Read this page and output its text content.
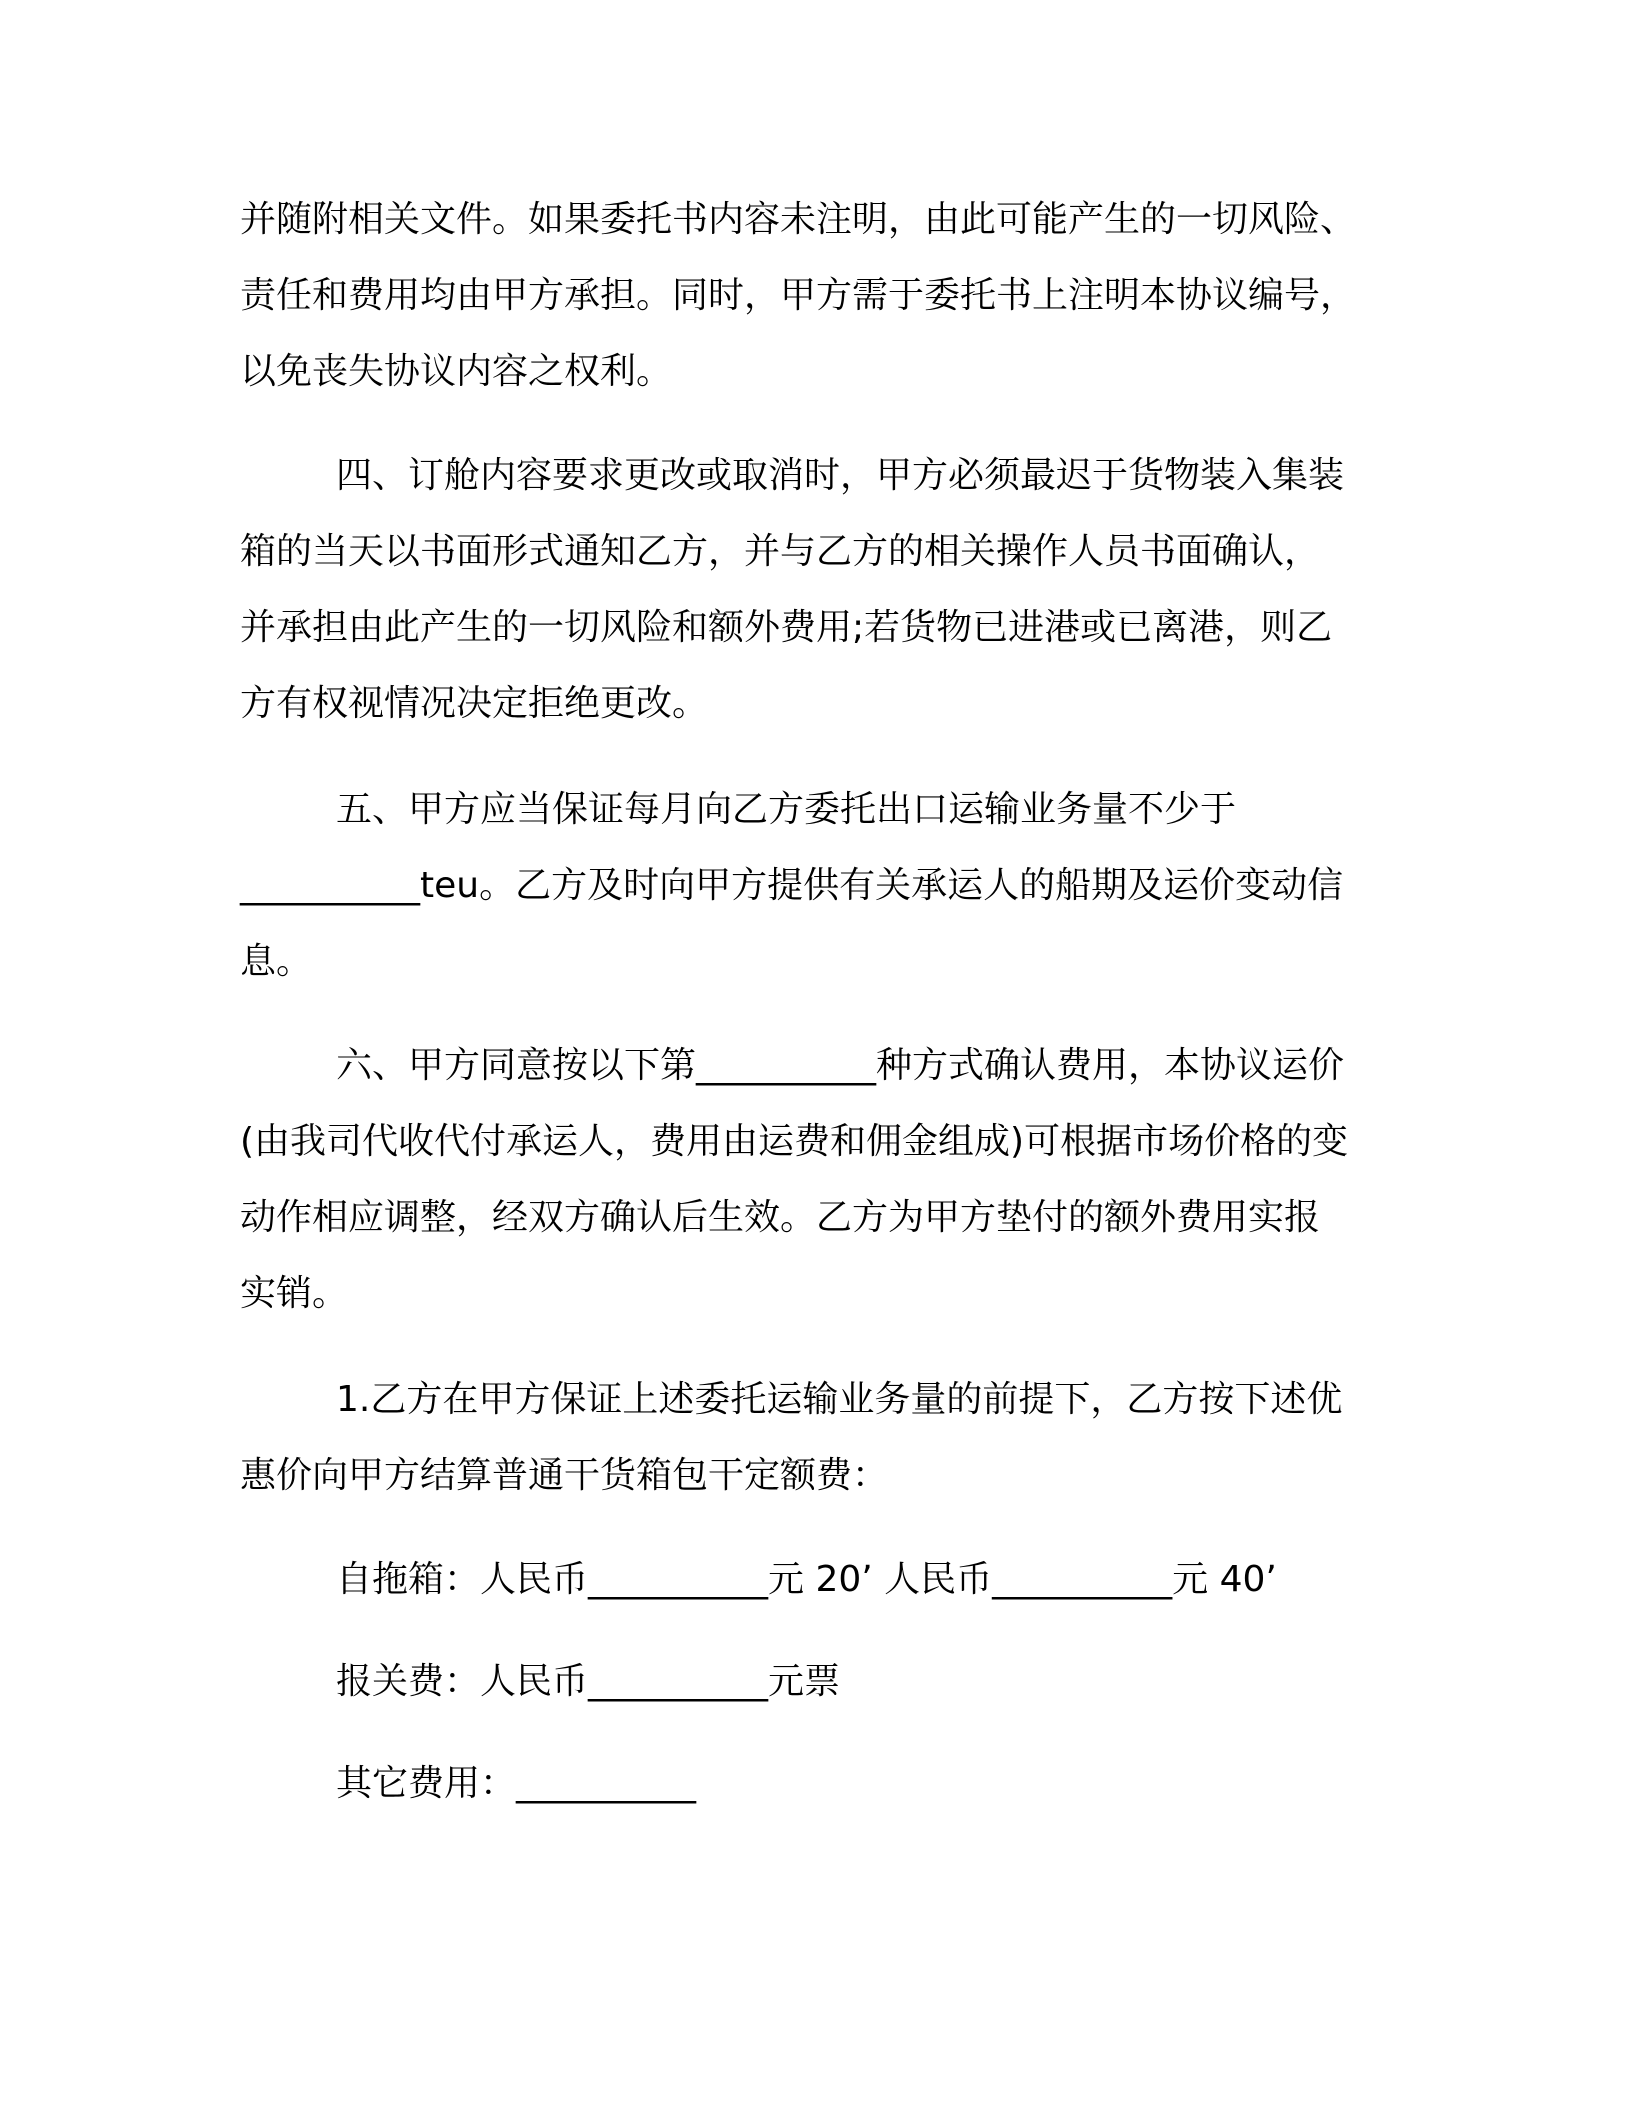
并随附相关文件。如果委托书内容未注明，由此可能产生的一切风险、
责任和费用均由甲方承担。同时，甲方需于委托书上注明本协议编号，
以免丧失协议内容之权利。
四、订舱内容要求更改或取消时，甲方必须最迟于货物装入集装
箱的当天以书面形式通知乙方，并与乙方的相关操作人员书面确认，
并承担由此产生的一切风险和额外费用;若货物已进港或已离港，则乙
方有权视情况决定拒绝更改。
五、甲方应当保证每月向乙方委托出口运输业务量不少于
__________teu。乙方及时向甲方提供有关承运人的船期及运价变动信
息。
六、甲方同意按以下第__________种方式确认费用，本协议运价
(由我司代收代付承运人，费用由运费和佣金组成)可根据市场价格的变
动作相应调整，经双方确认后生效。乙方为甲方垫付的额外费用实报
实销。
1.乙方在甲方保证上述委托运输业务量的前提下，乙方按下述优
惠价向甲方结算普通干货箱包干定额费：
自拖箱：人民币__________元 20’ 人民币__________元 40’
报关费：人民币__________元票
其它费用：__________
